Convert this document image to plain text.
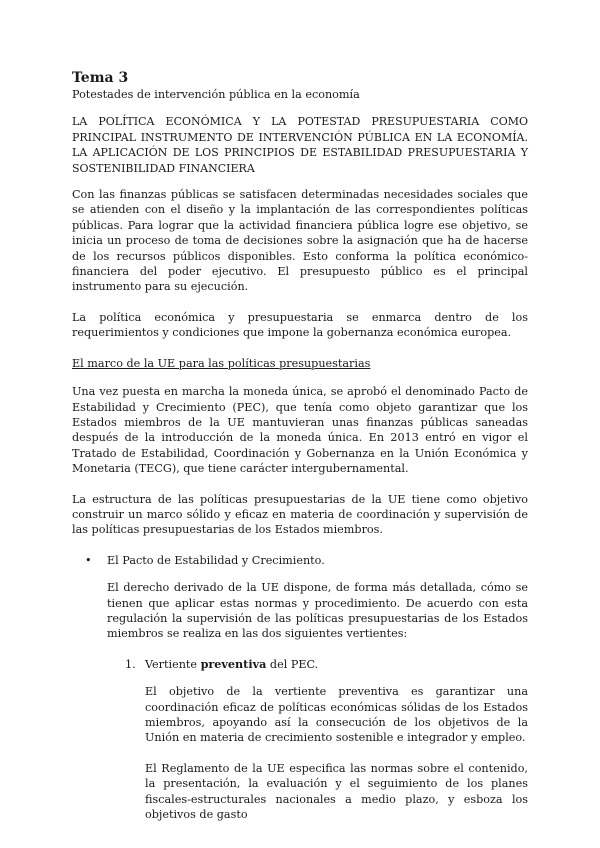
Tema 3
Potestades de intervención pública en la economía
LA POLÍTICA ECONÓMICA Y LA POTESTAD PRESUPUESTARIA COMO PRINCIPAL INSTRUMENTO DE INTERVENCIÓN PÚBLICA EN LA ECONOMÍA. LA APLICACIÓN DE LOS PRINCIPIOS DE ESTABILIDAD PRESUPUESTARIA Y SOSTENIBILIDAD FINANCIERA

Con las finanzas públicas se satisfacen determinadas necesidades sociales que se atienden con el diseño y la implantación de las correspondientes políticas públicas. Para lograr que la actividad financiera pública logre ese objetivo, se inicia un proceso de toma de decisiones sobre la asignación que ha de hacerse de los recursos públicos disponibles. Esto conforma la política económico-financiera del poder ejecutivo. El presupuesto público es el principal instrumento para su ejecución.

La política económica y presupuestaria se enmarca dentro de los requerimientos y condiciones que impone la gobernanza económica europea.

El marco de la UE para las políticas presupuestarias

Una vez puesta en marcha la moneda única, se aprobó el denominado Pacto de Estabilidad y Crecimiento (PEC), que tenía como objeto garantizar que los Estados miembros de la UE mantuvieran unas finanzas públicas saneadas después de la introducción de la moneda única. En 2013 entró en vigor el Tratado de Estabilidad, Coordinación y Gobernanza en la Unión Económica y Monetaria (TECG), que tiene carácter intergubernamental.

La estructura de las políticas presupuestarias de la UE tiene como objetivo construir un marco sólido y eficaz en materia de coordinación y supervisión de las políticas presupuestarias de los Estados miembros.

• El Pacto de Estabilidad y Crecimiento.

El derecho derivado de la UE dispone, de forma más detallada, cómo se tienen que aplicar estas normas y procedimiento. De acuerdo con esta regulación la supervisión de las políticas presupuestarias de los Estados miembros se realiza en las dos siguientes vertientes:

1. Vertiente preventiva del PEC.

El objetivo de la vertiente preventiva es garantizar una coordinación eficaz de políticas económicas sólidas de los Estados miembros, apoyando así la consecución de los objetivos de la Unión en materia de crecimiento sostenible e integrador y empleo.

El Reglamento de la UE especifica las normas sobre el contenido, la presentación, la evaluación y el seguimiento de los planes fiscales-estructurales nacionales a medio plazo, y esboza los objetivos de gasto
